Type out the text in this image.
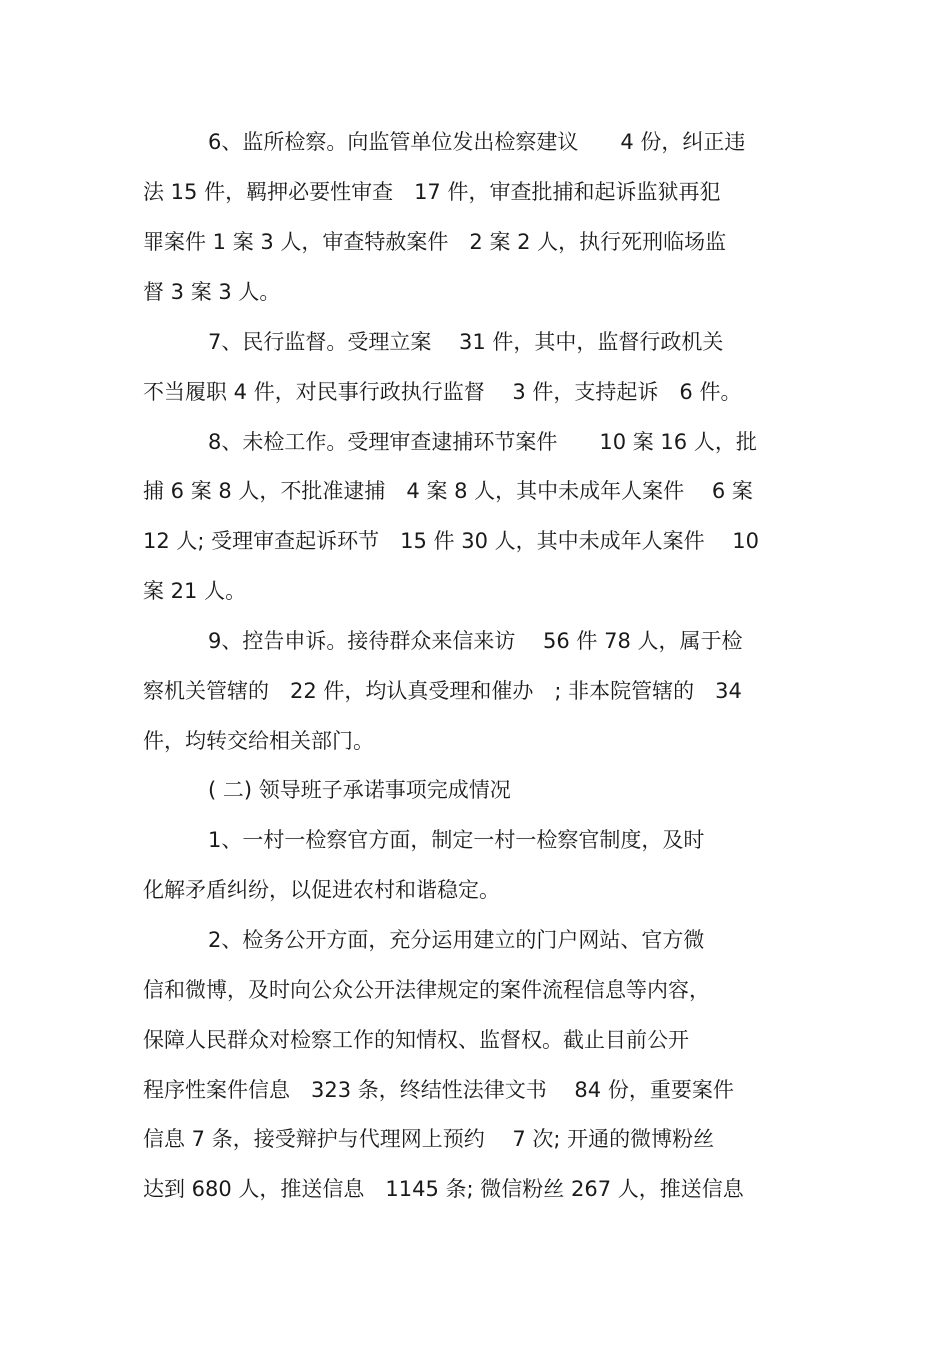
6、监所检察。向监管单位发出检察建议　　4 份，纠正违
法 15 件，羁押必要性审查　17 件，审查批捕和起诉监狱再犯
罪案件 1 案 3 人，审查特赦案件　2 案 2 人，执行死刑临场监
督 3 案 3 人。
7、民行监督。受理立案　 31 件，其中，监督行政机关
不当履职 4 件，对民事行政执行监督　 3 件，支持起诉　6 件。
8、未检工作。受理审查逮捕环节案件　　10 案 16 人，批
捕 6 案 8 人，不批准逮捕　4 案 8 人，其中未成年人案件　 6 案
12 人; 受理审查起诉环节　15 件 30 人，其中未成年人案件　 10
案 21 人。
9、控告申诉。接待群众来信来访　 56 件 78 人，属于检
察机关管辖的　22 件，均认真受理和催办　; 非本院管辖的　34
件，均转交给相关部门。
( 二) 领导班子承诺事项完成情况
1、一村一检察官方面，制定一村一检察官制度，及时
化解矛盾纠纷，以促进农村和谐稳定。
2、检务公开方面，充分运用建立的门户网站、官方微
信和微博，及时向公众公开法律规定的案件流程信息等内容，
保障人民群众对检察工作的知情权、监督权。截止目前公开
程序性案件信息　323 条，终结性法律文书　 84 份，重要案件
信息 7 条，接受辩护与代理网上预约　 7 次; 开通的微博粉丝
达到 680 人，推送信息　1145 条; 微信粉丝 267 人，推送信息
